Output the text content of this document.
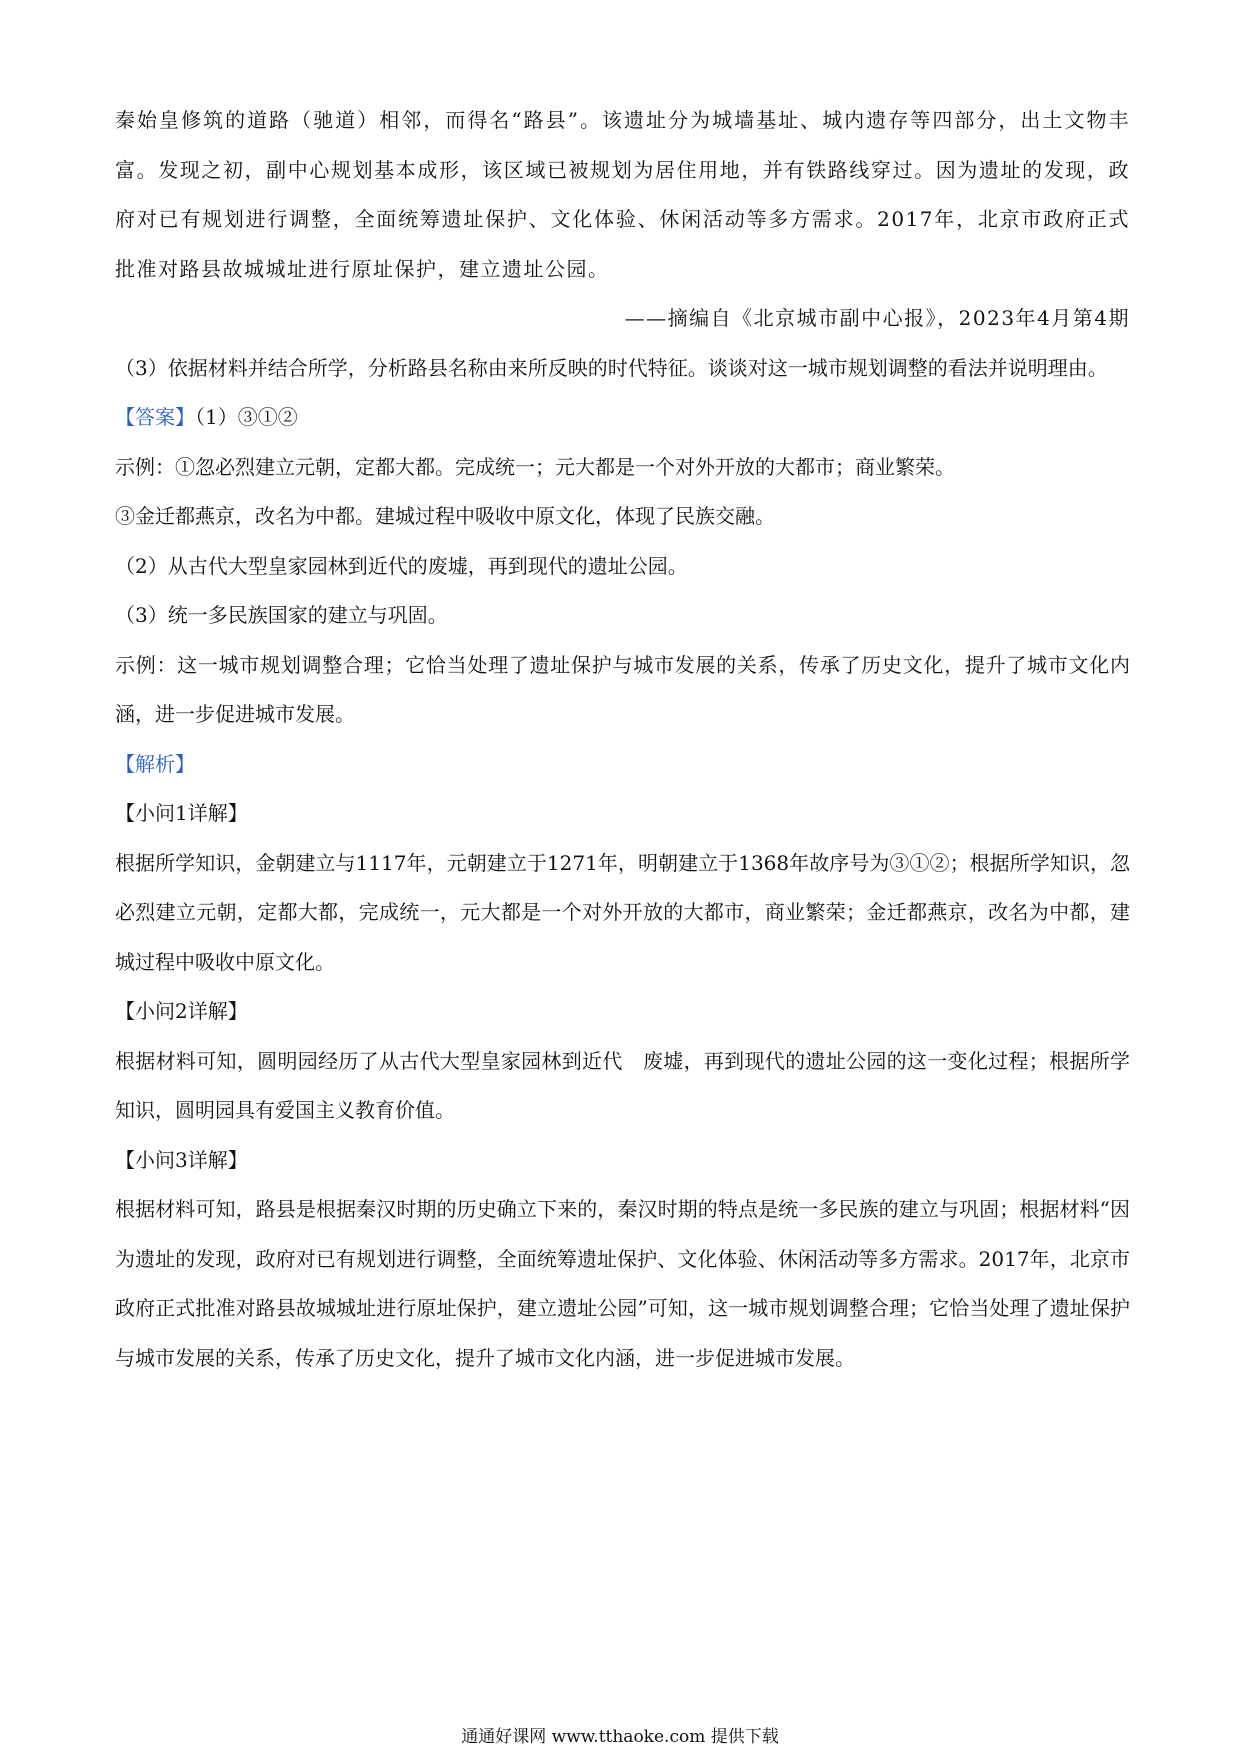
秦始皇修筑的道路（驰道）相邻，而得名“路县”。该遗址分为城墙基址、城内遗存等四部分，出土文物丰富。发现之初，副中心规划基本成形，该区域已被规划为居住用地，并有铁路线穿过。因为遗址的发现，政府对已有规划进行调整，全面统筹遗址保护、文化体验、休闲活动等多方需求。2017年，北京市政府正式批准对路县故城城址进行原址保护，建立遗址公园。

——摘编自《北京城市副中心报》，2023年4月第4期

（3）依据材料并结合所学，分析路县名称由来所反映的时代特征。谈谈对这一城市规划调整的看法并说明理由。

【答案】（1）③①②

示例：①忽必烈建立元朝，定都大都。完成统一；元大都是一个对外开放的大都市；商业繁荣。

③金迁都燕京，改名为中都。建城过程中吸收中原文化，体现了民族交融。

（2）从古代大型皇家园林到近代的废墟，再到现代的遗址公园。

（3）统一多民族国家的建立与巩固。

示例：这一城市规划调整合理；它恰当处理了遗址保护与城市发展的关系，传承了历史文化，提升了城市文化内涵，进一步促进城市发展。

【解析】

【小问1详解】

根据所学知识，金朝建立与1117年，元朝建立于1271年，明朝建立于1368年故序号为③①②；根据所学知识，忽必烈建立元朝，定都大都，完成统一，元大都是一个对外开放的大都市，商业繁荣；金迁都燕京，改名为中都，建城过程中吸收中原文化。

【小问2详解】

根据材料可知，圆明园经历了从古代大型皇家园林到近代　废墟，再到现代的遗址公园的这一变化过程；根据所学知识，圆明园具有爱国主义教育价值。

【小问3详解】

根据材料可知，路县是根据秦汉时期的历史确立下来的，秦汉时期的特点是统一多民族的建立与巩固；根据材料“因为遗址的发现，政府对已有规划进行调整，全面统筹遗址保护、文化体验、休闲活动等多方需求。2017年，北京市政府正式批准对路县故城城址进行原址保护，建立遗址公园”可知，这一城市规划调整合理；它恰当处理了遗址保护与城市发展的关系，传承了历史文化，提升了城市文化内涵，进一步促进城市发展。

通通好课网 www.tthaoke.com 提供下载
